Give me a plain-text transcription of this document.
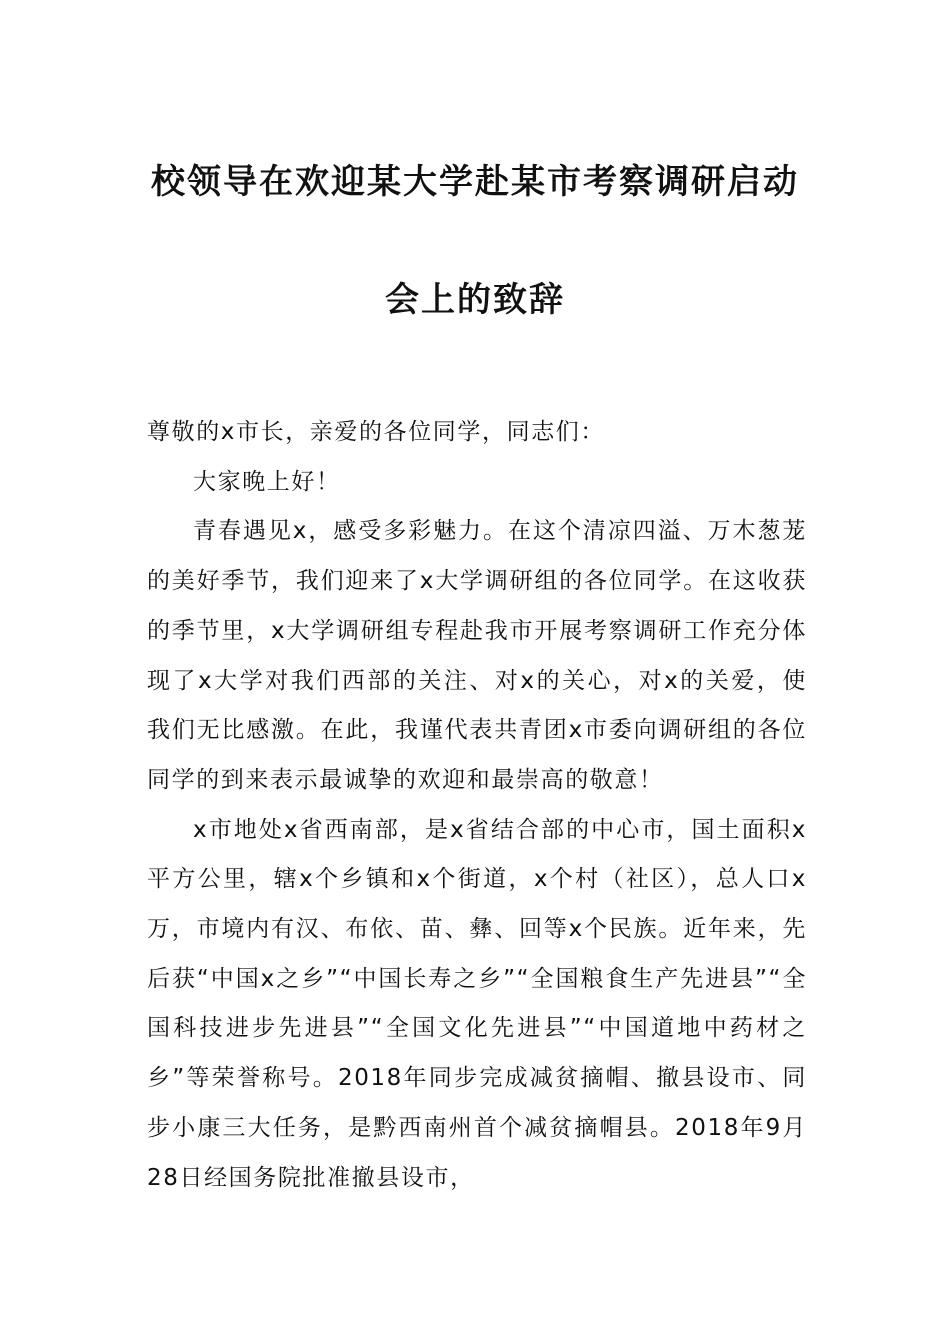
校领导在欢迎某大学赴某市考察调研启动
会上的致辞

尊敬的x市长，亲爱的各位同学，同志们：

大家晚上好！

青春遇见x，感受多彩魅力。在这个清凉四溢、万木葱茏的美好季节，我们迎来了x大学调研组的各位同学。在这收获的季节里，x大学调研组专程赴我市开展考察调研工作充分体现了x大学对我们西部的关注、对x的关心，对x的关爱，使我们无比感激。在此，我谨代表共青团x市委向调研组的各位同学的到来表示最诚挚的欢迎和最崇高的敬意！

x市地处x省西南部，是x省结合部的中心市，国土面积x平方公里，辖x个乡镇和x个街道，x个村（社区），总人口x万，市境内有汉、布依、苗、彝、回等x个民族。近年来，先后获“中国x之乡”“中国长寿之乡”“全国粮食生产先进县”“全国科技进步先进县”“全国文化先进县”“中国道地中药材之乡”等荣誉称号。2018年同步完成减贫摘帽、撤县设市、同步小康三大任务，是黔西南州首个减贫摘帽县。2018年9月28日经国务院批准撤县设市，
